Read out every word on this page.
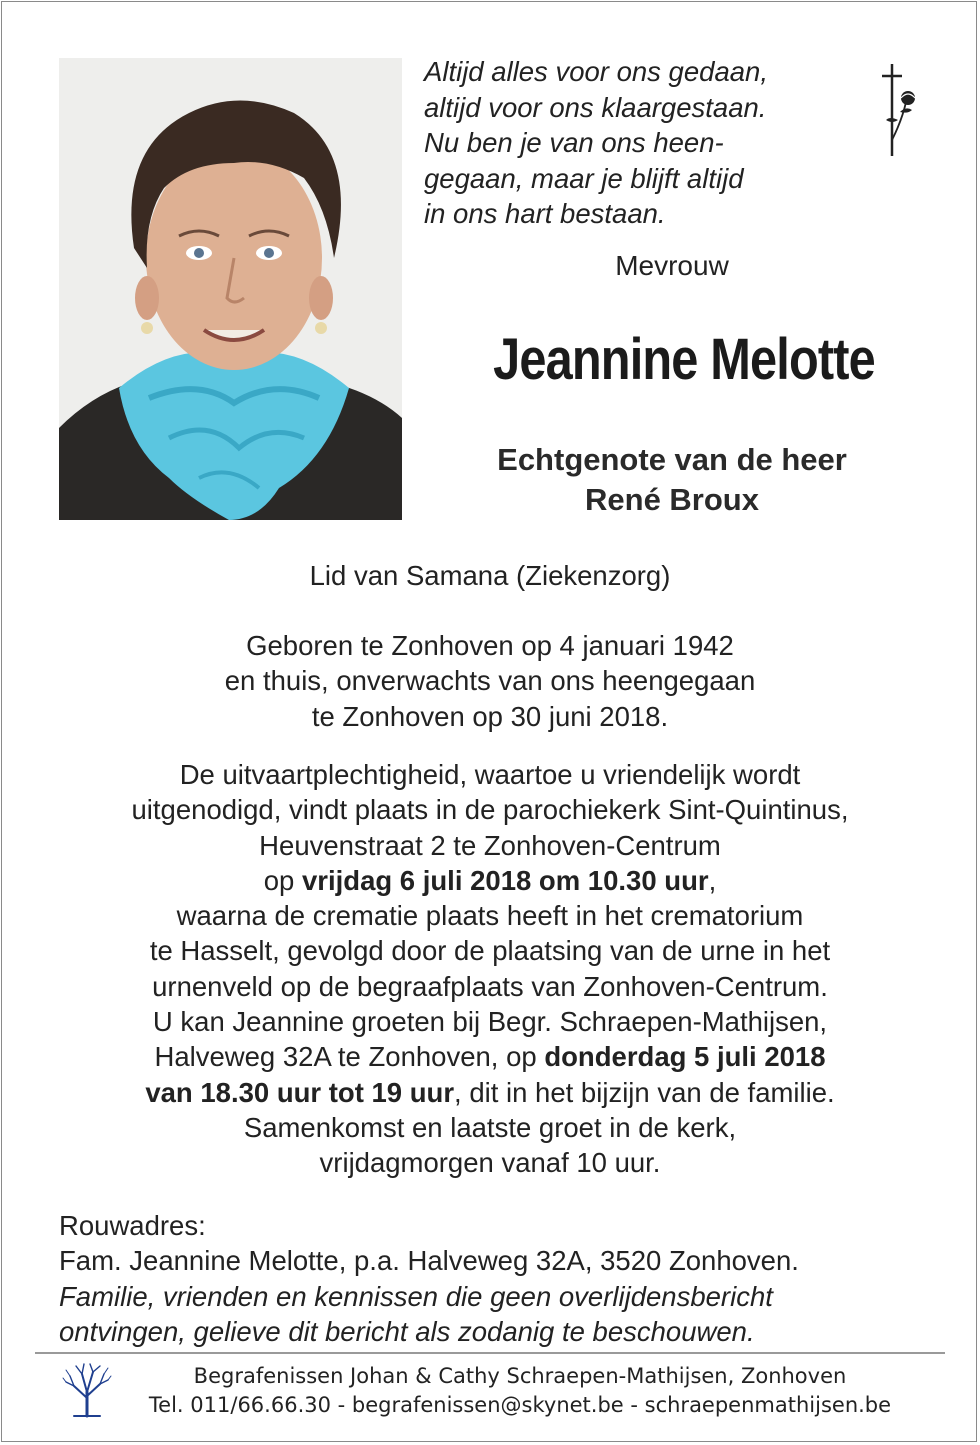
Altijd alles voor ons gedaan,
altijd voor ons klaargestaan.
Nu ben je van ons heen-
gegaan, maar je blijft altijd
in ons hart bestaan.
Mevrouw
Jeannine Melotte
Echtgenote van de heer
René Broux
Lid van Samana (Ziekenzorg)
Geboren te Zonhoven op 4 januari 1942
en thuis, onverwachts van ons heengegaan
te Zonhoven op 30 juni 2018.
De uitvaartplechtigheid, waartoe u vriendelijk wordt
uitgenodigd, vindt plaats in de parochiekerk Sint-Quintinus,
Heuvenstraat 2 te Zonhoven-Centrum
op vrijdag 6 juli 2018 om 10.30 uur,
waarna de crematie plaats heeft in het crematorium
te Hasselt, gevolgd door de plaatsing van de urne in het
urnenveld op de begraafplaats van Zonhoven-Centrum.
U kan Jeannine groeten bij Begr. Schraepen-Mathijsen,
Halveweg 32A te Zonhoven, op donderdag 5 juli 2018
van 18.30 uur tot 19 uur, dit in het bijzijn van de familie.
Samenkomst en laatste groet in de kerk,
vrijdagmorgen vanaf 10 uur.
Rouwadres:
Fam. Jeannine Melotte, p.a. Halveweg 32A, 3520 Zonhoven.
Familie, vrienden en kennissen die geen overlijdensbericht
ontvingen, gelieve dit bericht als zodanig te beschouwen.
Begrafenissen Johan & Cathy Schraepen-Mathijsen, Zonhoven
Tel. 011/66.66.30 - begrafenissen@skynet.be - schraepenmathijsen.be
